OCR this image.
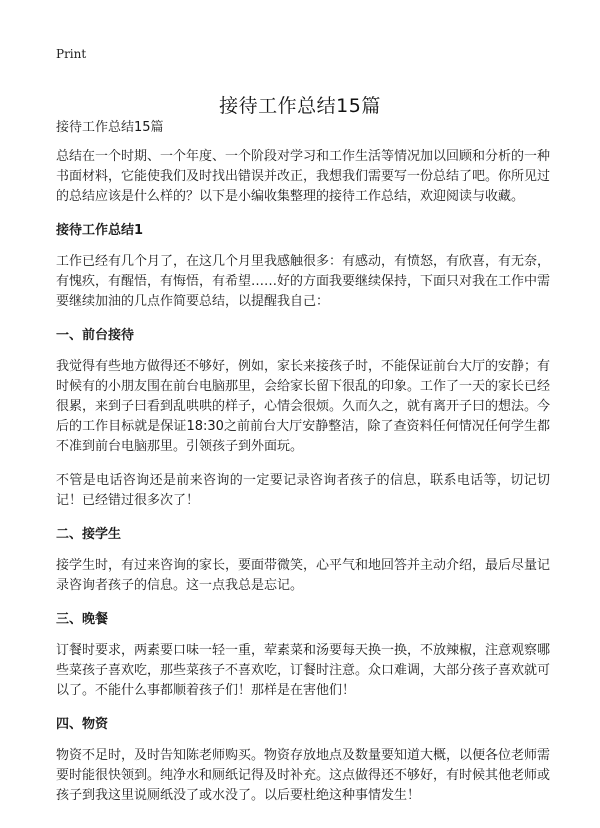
Print
接待工作总结15篇

接待工作总结15篇

总结在一个时期、一个年度、一个阶段对学习和工作生活等情况加以回顾和分析的一种书面材料，它能使我们及时找出错误并改正，我想我们需要写一份总结了吧。你所见过的总结应该是什么样的？以下是小编收集整理的接待工作总结，欢迎阅读与收藏。

接待工作总结1

工作已经有几个月了，在这几个月里我感触很多：有感动，有愤怒，有欣喜，有无奈，有愧疚，有醒悟，有悔悟，有希望……好的方面我要继续保持，下面只对我在工作中需要继续加油的几点作简要总结，以提醒我自己：

一、前台接待

我觉得有些地方做得还不够好，例如，家长来接孩子时，不能保证前台大厅的安静；有时候有的小朋友围在前台电脑那里，会给家长留下很乱的印象。工作了一天的家长已经很累，来到子曰看到乱哄哄的样子，心情会很烦。久而久之，就有离开子曰的想法。今后的工作目标就是保证18:30之前前台大厅安静整洁，除了查资料任何情况任何学生都不准到前台电脑那里。引领孩子到外面玩。

不管是电话咨询还是前来咨询的一定要记录咨询者孩子的信息，联系电话等，切记切记！已经错过很多次了！

二、接学生

接学生时，有过来咨询的家长，要面带微笑，心平气和地回答并主动介绍，最后尽量记录咨询者孩子的信息。这一点我总是忘记。

三、晚餐

订餐时要求，两素要口味一轻一重，荤素菜和汤要每天换一换，不放辣椒，注意观察哪些菜孩子喜欢吃，那些菜孩子不喜欢吃，订餐时注意。众口难调，大部分孩子喜欢就可以了。不能什么事都顺着孩子们！那样是在害他们！

四、物资

物资不足时，及时告知陈老师购买。物资存放地点及数量要知道大概，以便各位老师需要时能很快领到。纯净水和厕纸记得及时补充。这点做得还不够好，有时候其他老师或孩子到我这里说厕纸没了或水没了。以后要杜绝这种事情发生！
